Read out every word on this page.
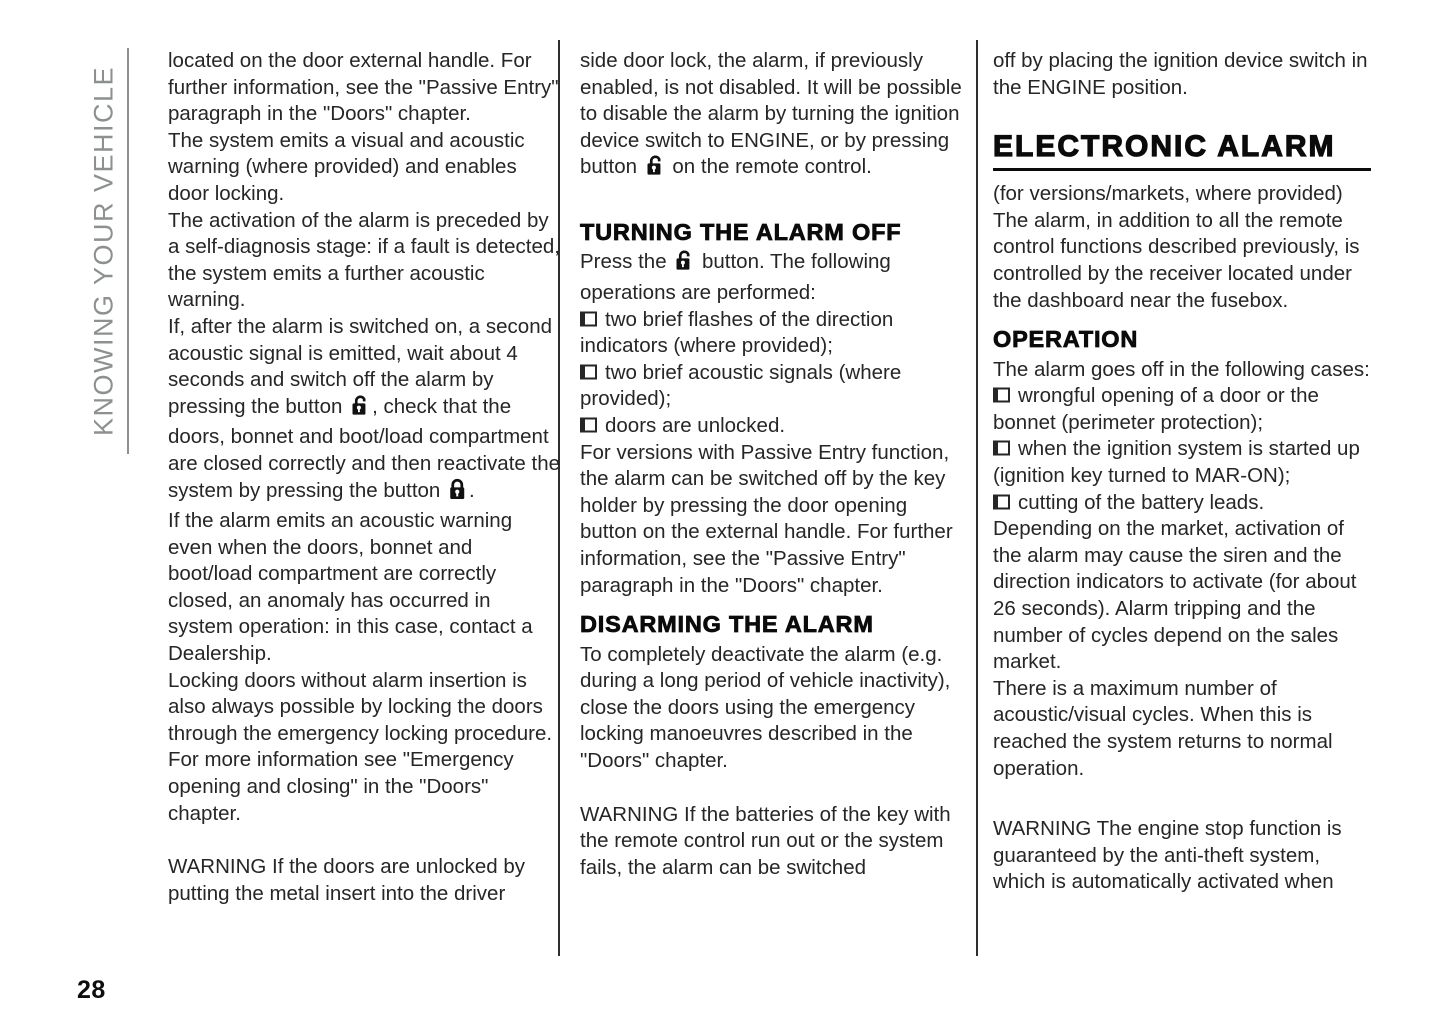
KNOWING YOUR VEHICLE
28

located on the door external handle. For further information, see the "Passive Entry" paragraph in the "Doors" chapter.

The system emits a visual and acoustic warning (where provided) and enables door locking.

The activation of the alarm is preceded by a self-diagnosis stage: if a fault is detected, the system emits a further acoustic warning.

If, after the alarm is switched on, a second acoustic signal is emitted, wait about 4 seconds and switch off the alarm by pressing the button , check that the doors, bonnet and boot/load compartment are closed correctly and then reactivate the system by pressing the button .

If the alarm emits an acoustic warning even when the doors, bonnet and boot/load compartment are correctly closed, an anomaly has occurred in system operation: in this case, contact a Dealership.

Locking doors without alarm insertion is also always possible by locking the doors through the emergency locking procedure. For more information see "Emergency opening and closing" in the "Doors" chapter.

WARNING If the doors are unlocked by putting the metal insert into the driver

side door lock, the alarm, if previously enabled, is not disabled. It will be possible to disable the alarm by turning the ignition device switch to ENGINE, or by pressing button  on the remote control.

TURNING THE ALARM OFF

Press the  button. The following operations are performed:

two brief flashes of the direction indicators (where provided);

two brief acoustic signals (where provided);

doors are unlocked.

For versions with Passive Entry function, the alarm can be switched off by the key holder by pressing the door opening button on the external handle. For further information, see the "Passive Entry" paragraph in the "Doors" chapter.

DISARMING THE ALARM

To completely deactivate the alarm (e.g. during a long period of vehicle inactivity), close the doors using the emergency locking manoeuvres described in the "Doors" chapter.

WARNING If the batteries of the key with the remote control run out or the system fails, the alarm can be switched

off by placing the ignition device switch in the ENGINE position.

ELECTRONIC ALARM

(for versions/markets, where provided)

The alarm, in addition to all the remote control functions described previously, is controlled by the receiver located under the dashboard near the fusebox.

OPERATION

The alarm goes off in the following cases:

wrongful opening of a door or the bonnet (perimeter protection);

when the ignition system is started up (ignition key turned to MAR-ON);

cutting of the battery leads.

Depending on the market, activation of the alarm may cause the siren and the direction indicators to activate (for about 26 seconds). Alarm tripping and the number of cycles depend on the sales market.

There is a maximum number of acoustic/visual cycles. When this is reached the system returns to normal operation.

WARNING The engine stop function is guaranteed by the anti-theft system, which is automatically activated when
